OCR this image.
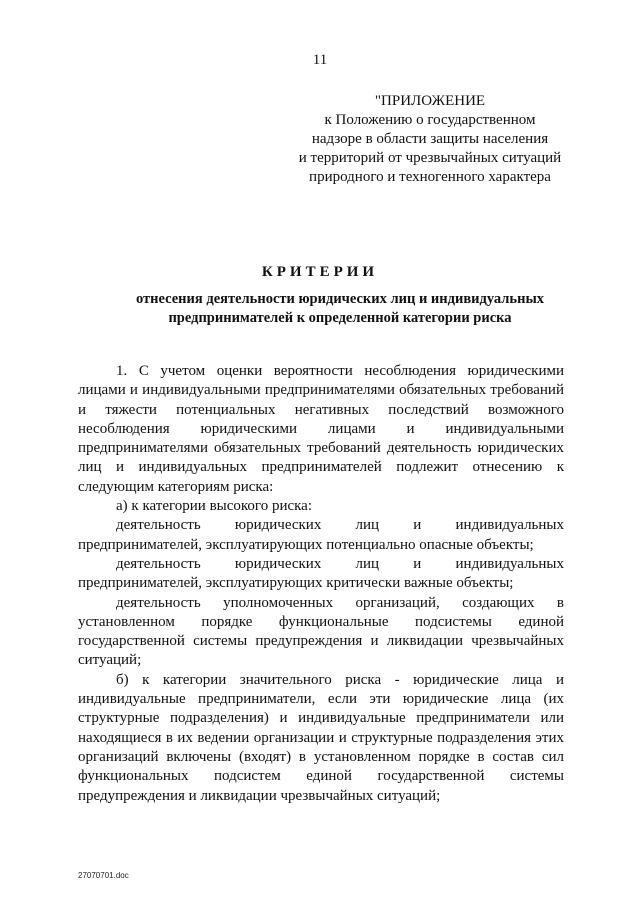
11
"ПРИЛОЖЕНИЕ
к Положению о государственном
надзоре в области защиты населения
и территорий от чрезвычайных ситуаций
природного и техногенного характера
КРИТЕРИИ
отнесения деятельности юридических лиц и индивидуальных
предпринимателей к определенной категории риска

1. С учетом оценки вероятности несоблюдения юридическими лицами и индивидуальными предпринимателями обязательных требований и тяжести потенциальных негативных последствий возможного несоблюдения юридическими лицами и индивидуальными предпринимателями обязательных требований деятельность юридических лиц и индивидуальных предпринимателей подлежит отнесению к следующим категориям риска:

а) к категории высокого риска:

деятельность юридических лиц и индивидуальных предпринимателей, эксплуатирующих потенциально опасные объекты;

деятельность юридических лиц и индивидуальных предпринимателей, эксплуатирующих критически важные объекты;

деятельность уполномоченных организаций, создающих в установленном порядке функциональные подсистемы единой государственной системы предупреждения и ликвидации чрезвычайных ситуаций;

б) к категории значительного риска - юридические лица и индивидуальные предприниматели, если эти юридические лица (их структурные подразделения) и индивидуальные предприниматели или находящиеся в их ведении организации и структурные подразделения этих организаций включены (входят) в установленном порядке в состав сил функциональных подсистем единой государственной системы предупреждения и ликвидации чрезвычайных ситуаций;

27070701.doc
